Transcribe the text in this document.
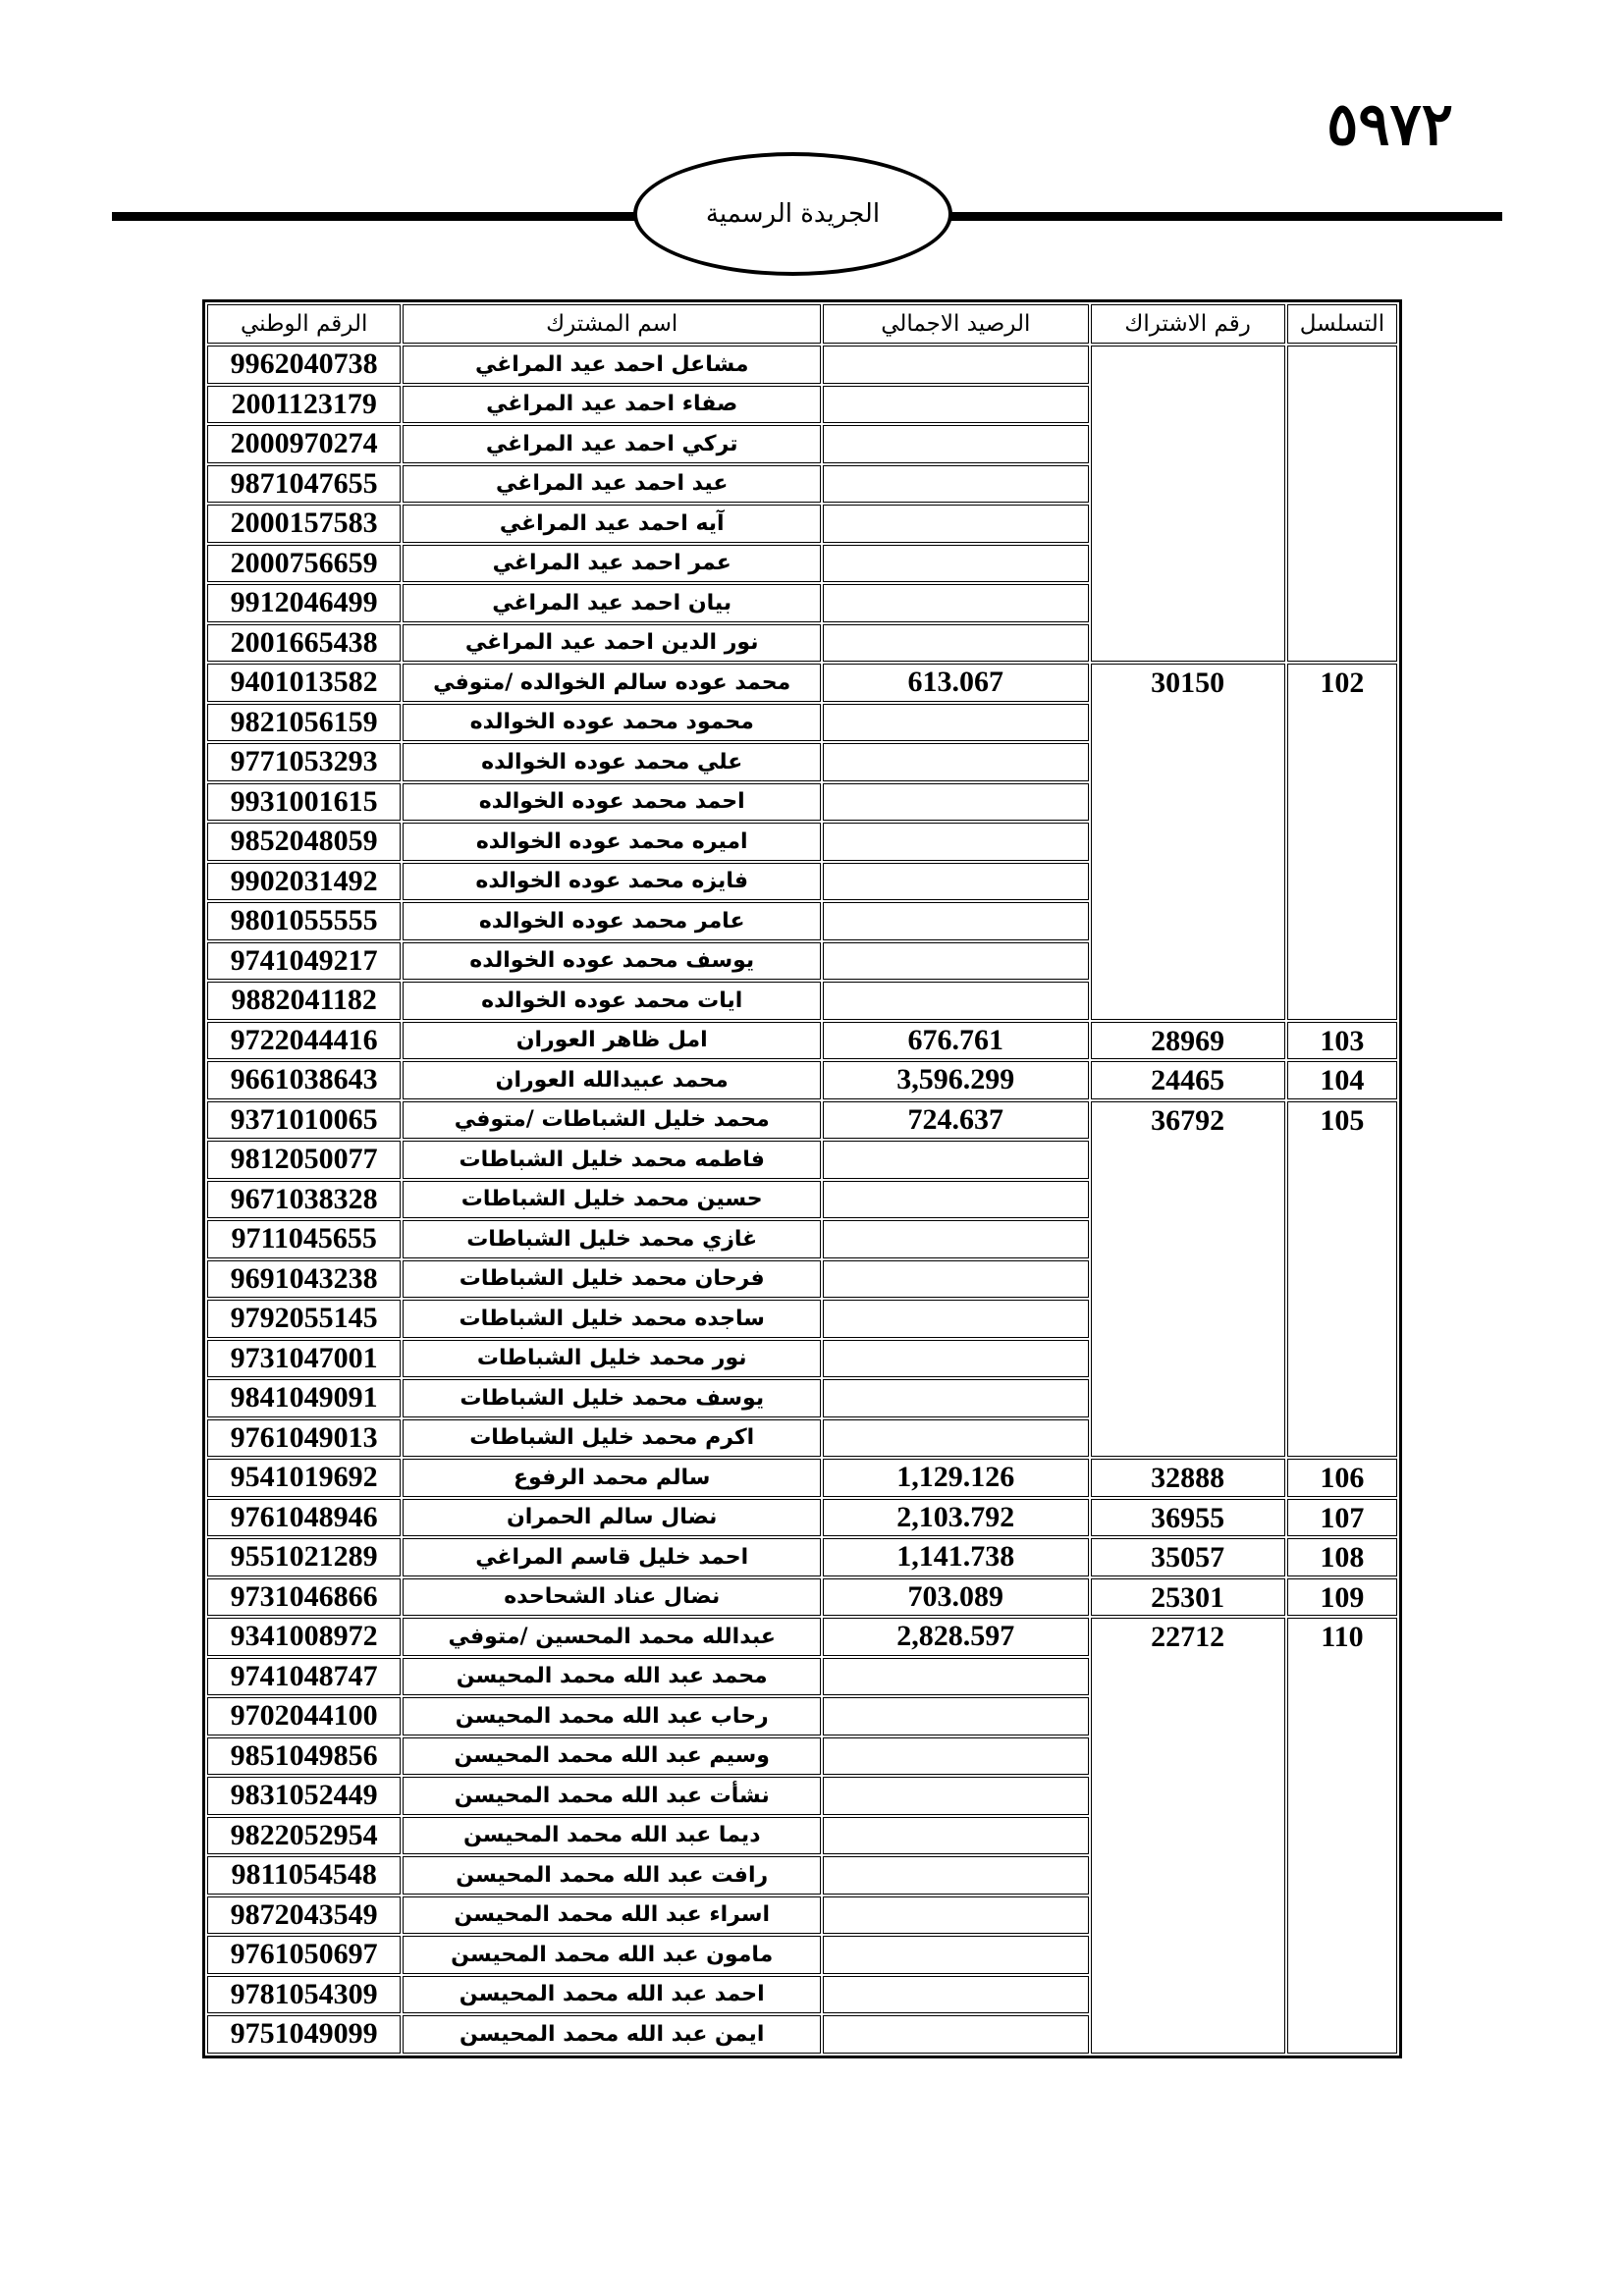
٥٩٧٢
الجريدة الرسمية
التسلسل	رقم الاشتراك	الرصيد الاجمالي	اسم المشترك	الرقم الوطني
			مشاعل احمد عيد المراغي	9962040738
			صفاء احمد عيد المراغي	2001123179
			تركي احمد عيد المراغي	2000970274
			عيد احمد عيد المراغي	9871047655
			آيه احمد عيد المراغي	2000157583
			عمر احمد عيد المراغي	2000756659
			بيان احمد عيد المراغي	9912046499
			نور الدين احمد عيد المراغي	2001665438
102	30150	613.067	محمد عوده سالم الخوالده /متوفي	9401013582
			محمود محمد عوده الخوالده	9821056159
			علي محمد عوده الخوالده	9771053293
			احمد محمد عوده الخوالده	9931001615
			اميره محمد عوده الخوالده	9852048059
			فايزه محمد عوده الخوالده	9902031492
			عامر محمد عوده الخوالده	9801055555
			يوسف محمد عوده الخوالده	9741049217
			ايات محمد عوده الخوالده	9882041182
103	28969	676.761	امل ظاهر العوران	9722044416
104	24465	3,596.299	محمد عبيدالله العوران	9661038643
105	36792	724.637	محمد خليل الشباطات /متوفي	9371010065
			فاطمه محمد خليل الشباطات	9812050077
			حسين محمد خليل الشباطات	9671038328
			غازي محمد خليل الشباطات	9711045655
			فرحان محمد خليل الشباطات	9691043238
			ساجده محمد خليل الشباطات	9792055145
			نور محمد خليل الشباطات	9731047001
			يوسف محمد خليل الشباطات	9841049091
			اكرم محمد خليل الشباطات	9761049013
106	32888	1,129.126	سالم محمد الرفوع	9541019692
107	36955	2,103.792	نضال سالم الحمران	9761048946
108	35057	1,141.738	احمد خليل قاسم المراغي	9551021289
109	25301	703.089	نضال عناد الشحاحده	9731046866
110	22712	2,828.597	عبدالله محمد المحسين /متوفي	9341008972
			محمد عبد الله محمد المحيسن	9741048747
			رحاب عبد الله محمد المحيسن	9702044100
			وسيم عبد الله محمد المحيسن	9851049856
			نشأت عبد الله محمد المحيسن	9831052449
			ديما عبد الله محمد المحيسن	9822052954
			رافت عبد الله محمد المحيسن	9811054548
			اسراء عبد الله محمد المحيسن	9872043549
			مامون عبد الله محمد المحيسن	9761050697
			احمد عبد الله محمد المحيسن	9781054309
			ايمن عبد الله محمد المحيسن	9751049099
